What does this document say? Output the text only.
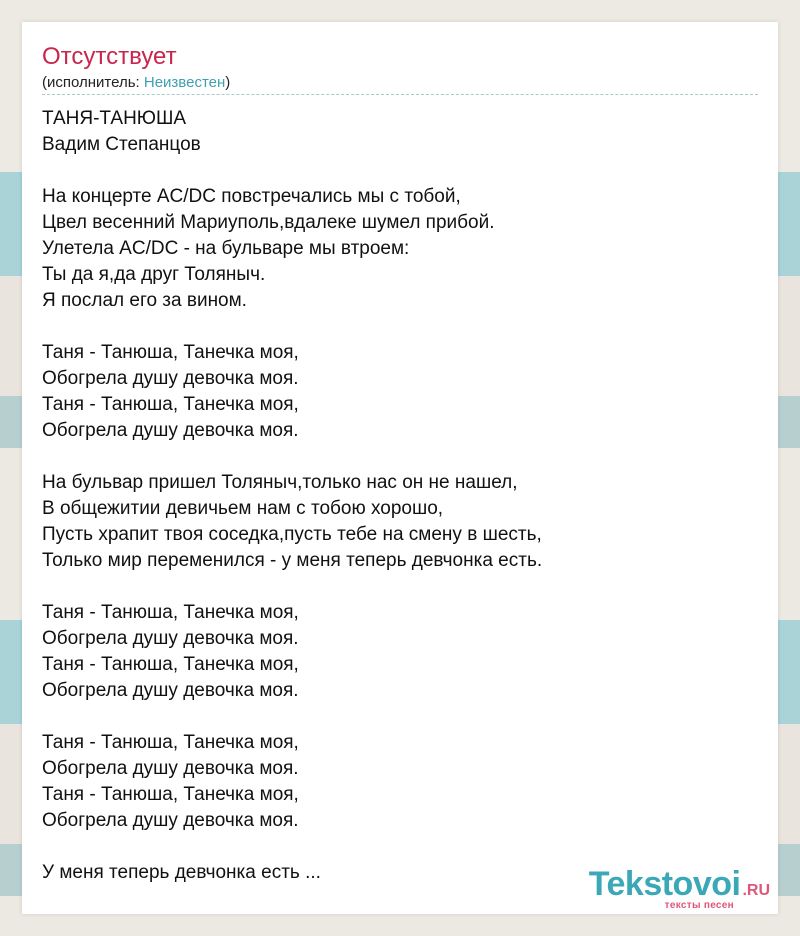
Отсутствует
(исполнитель: Неизвестен)
ТАНЯ-ТАНЮША
Вадим Степанцов
На концерте AC/DC повстречались мы с тобой,
Цвел весенний Мариуполь,вдалеке шумел прибой.
Улетела AC/DC - на бульваре мы втроем:
Ты да я,да друг Толяныч.
Я послал его за вином.
Таня - Танюша, Танечка моя,
Обогрела душу девочка моя.
Таня - Танюша, Танечка моя,
Обогрела душу девочка моя.
На бульвар пришел Толяныч,только нас он не нашел,
В общежитии девичьем нам с тобою хорошо,
Пусть храпит твоя соседка,пусть тебе на смену в шесть,
Только мир переменился - у меня теперь девчонка есть.
Таня - Танюша, Танечка моя,
Обогрела душу девочка моя.
Таня - Танюша, Танечка моя,
Обогрела душу девочка моя.
Таня - Танюша, Танечка моя,
Обогрела душу девочка моя.
Таня - Танюша, Танечка моя,
Обогрела душу девочка моя.
У меня теперь девчонка есть ...	Tekstovoi .RU
тексты песен
